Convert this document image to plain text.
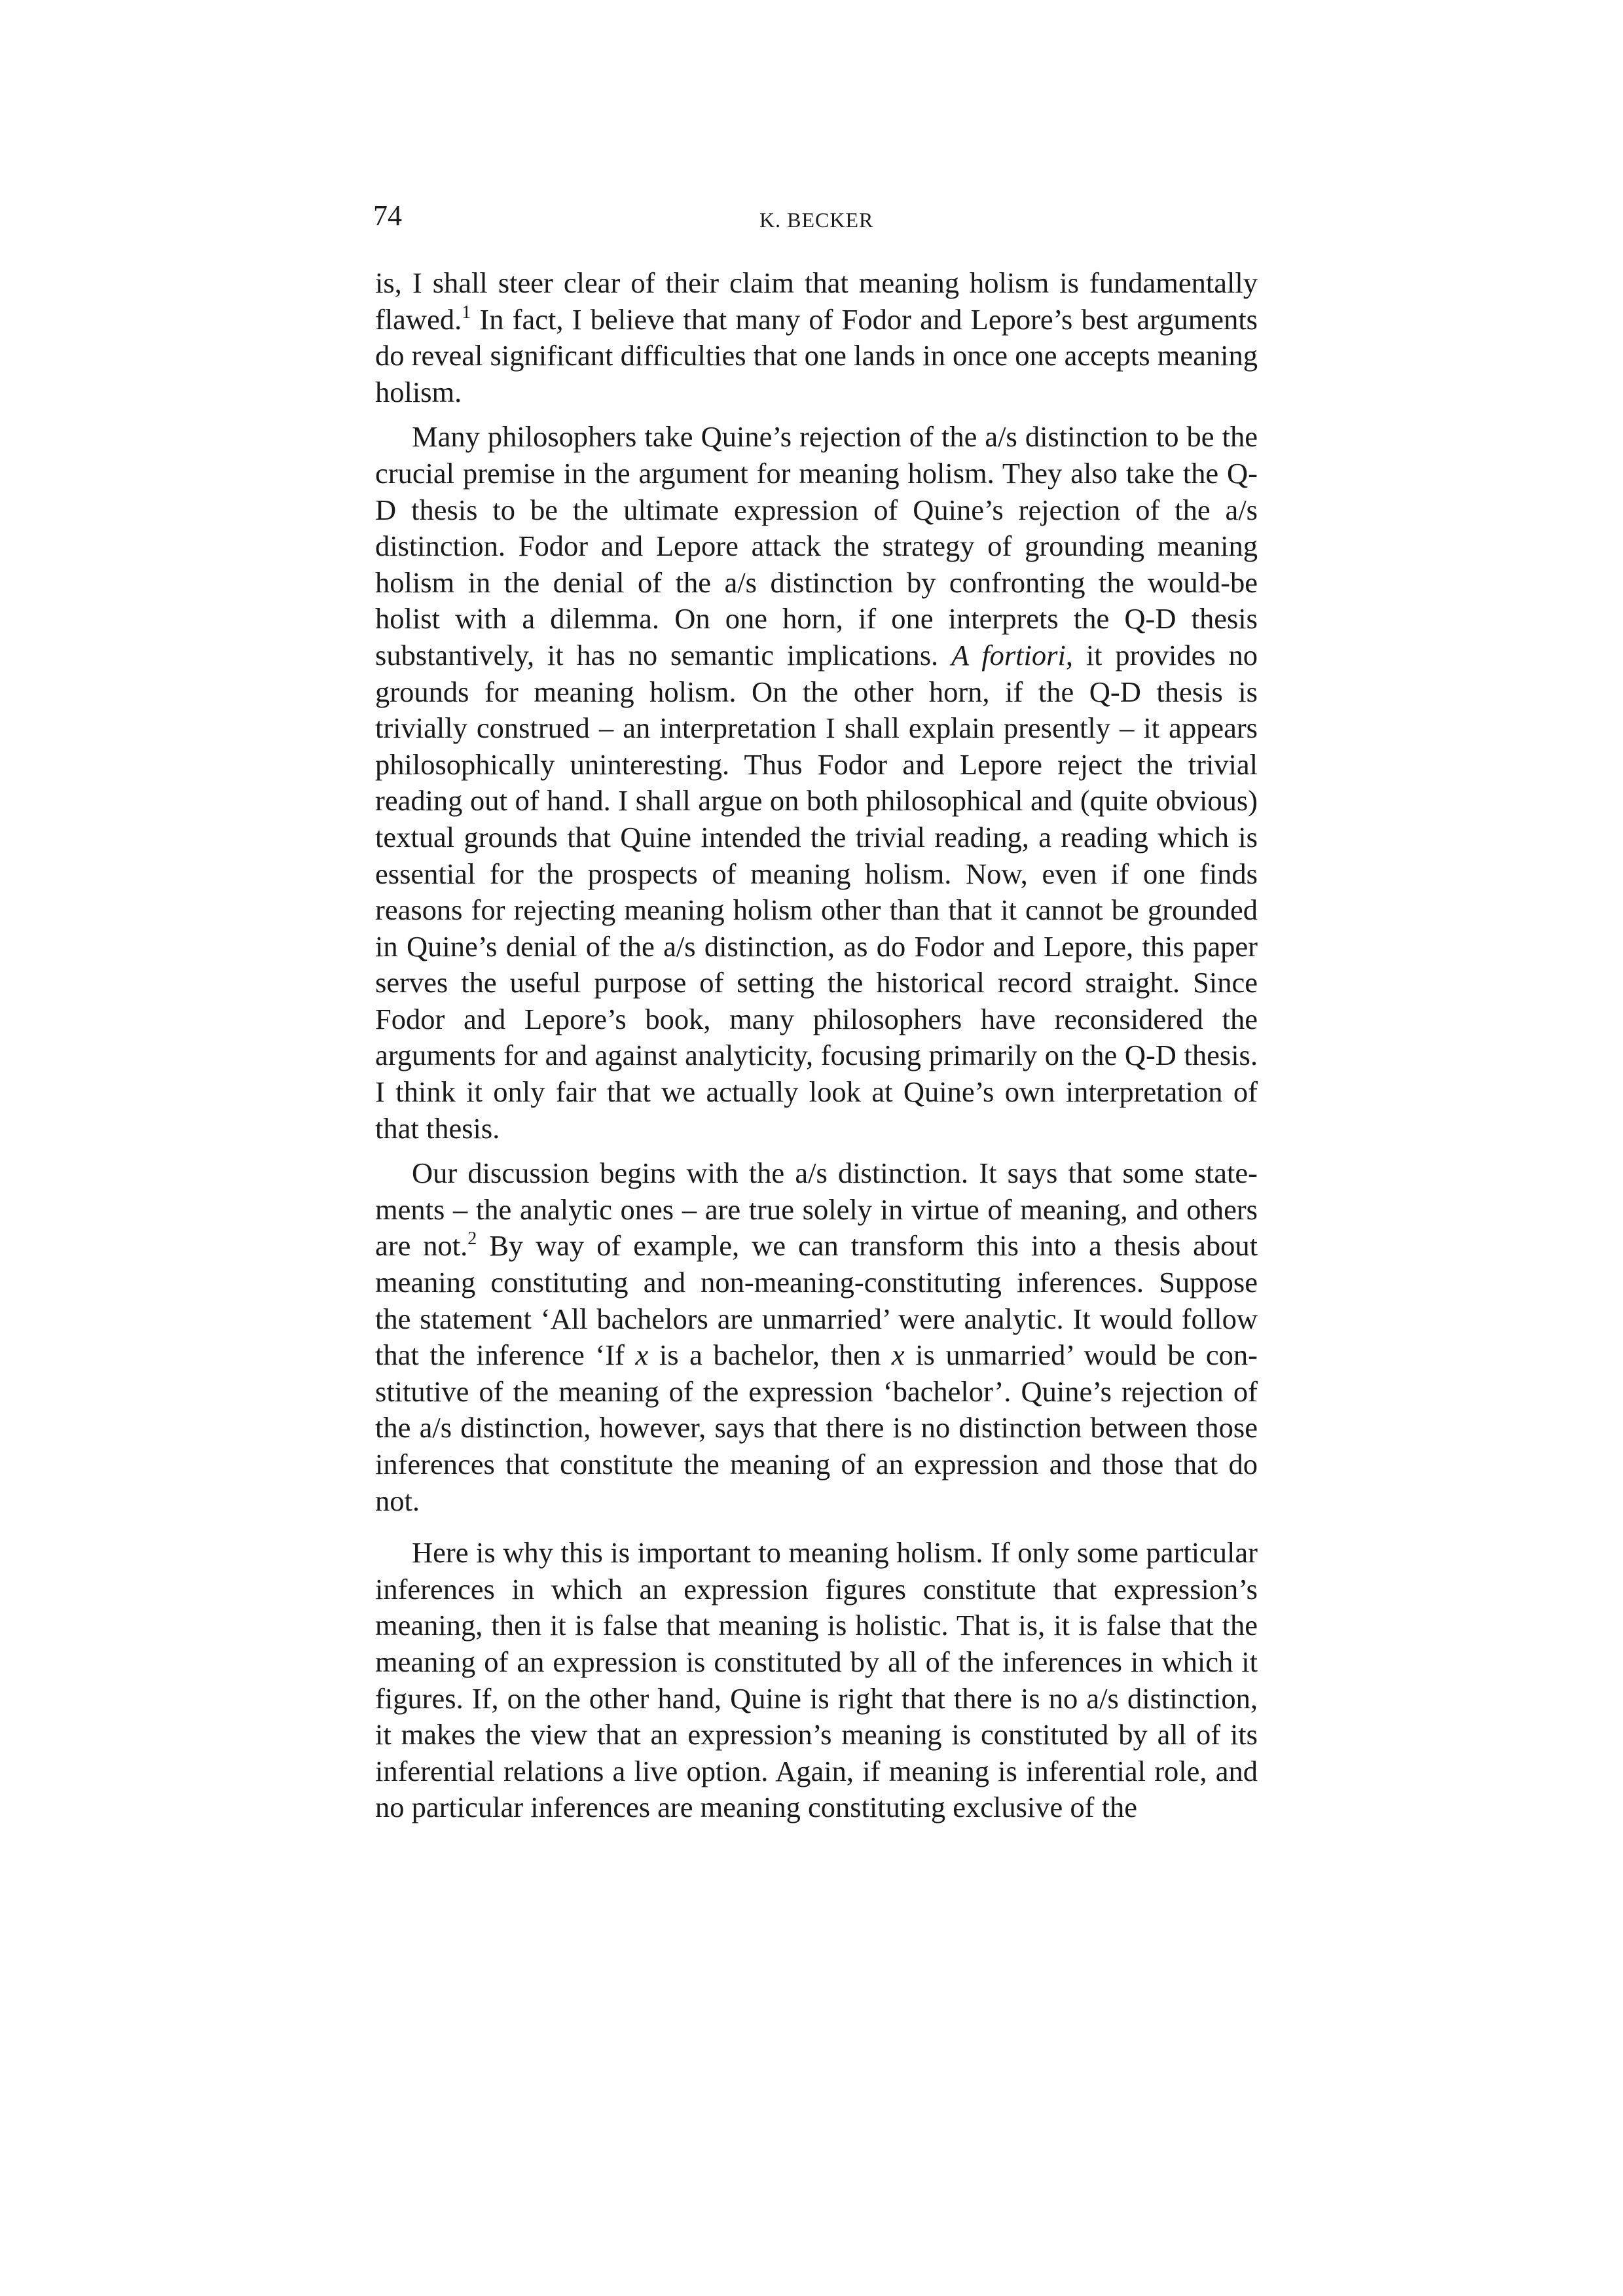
74	K. BECKER

is, I shall steer clear of their claim that meaning holism is fundamentally flawed.$^1$ In fact, I believe that many of Fodor and Lepore’s best arguments do reveal significant difficulties that one lands in once one accepts meaning holism.

Many philosophers take Quine’s rejection of the a/s distinction to be the crucial premise in the argument for meaning holism. They also take the Q-D thesis to be the ultimate expression of Quine’s rejection of the a/s distinction. Fodor and Lepore attack the strategy of grounding meaning holism in the denial of the a/s distinction by confronting the would-be holist with a dilemma. On one horn, if one interprets the Q-D thesis substantively, it has no semantic implications. A fortiori, it provides no grounds for meaning holism. On the other horn, if the Q-D thesis is trivially construed – an interpretation I shall explain presently – it appears philosophically uninteresting. Thus Fodor and Lepore reject the trivial reading out of hand. I shall argue on both philosophical and (quite obvious) textual grounds that Quine intended the trivial reading, a reading which is essential for the prospects of meaning holism. Now, even if one finds reasons for rejecting meaning holism other than that it cannot be grounded in Quine’s denial of the a/s distinction, as do Fodor and Lepore, this paper serves the useful purpose of setting the historical record straight. Since Fodor and Lepore’s book, many philosophers have reconsidered the arguments for and against analyticity, focusing primarily on the Q-D thesis. I think it only fair that we actually look at Quine’s own interpretation of that thesis.

Our discussion begins with the a/s distinction. It says that some statements – the analytic ones – are true solely in virtue of meaning, and others are not.$^2$ By way of example, we can transform this into a thesis about meaning constituting and non-meaning-constituting inferences. Suppose the statement ‘All bachelors are unmarried’ were analytic. It would follow that the inference ‘If x is a bachelor, then x is unmarried’ would be constitutive of the meaning of the expression ‘bachelor’. Quine’s rejection of the a/s distinction, however, says that there is no distinction between those inferences that constitute the meaning of an expression and those that do not.

Here is why this is important to meaning holism. If only some particular inferences in which an expression figures constitute that expression’s meaning, then it is false that meaning is holistic. That is, it is false that the meaning of an expression is constituted by all of the inferences in which it figures. If, on the other hand, Quine is right that there is no a/s distinction, it makes the view that an expression’s meaning is constituted by all of its inferential relations a live option. Again, if meaning is inferential role, and no particular inferences are meaning constituting exclusive of the
